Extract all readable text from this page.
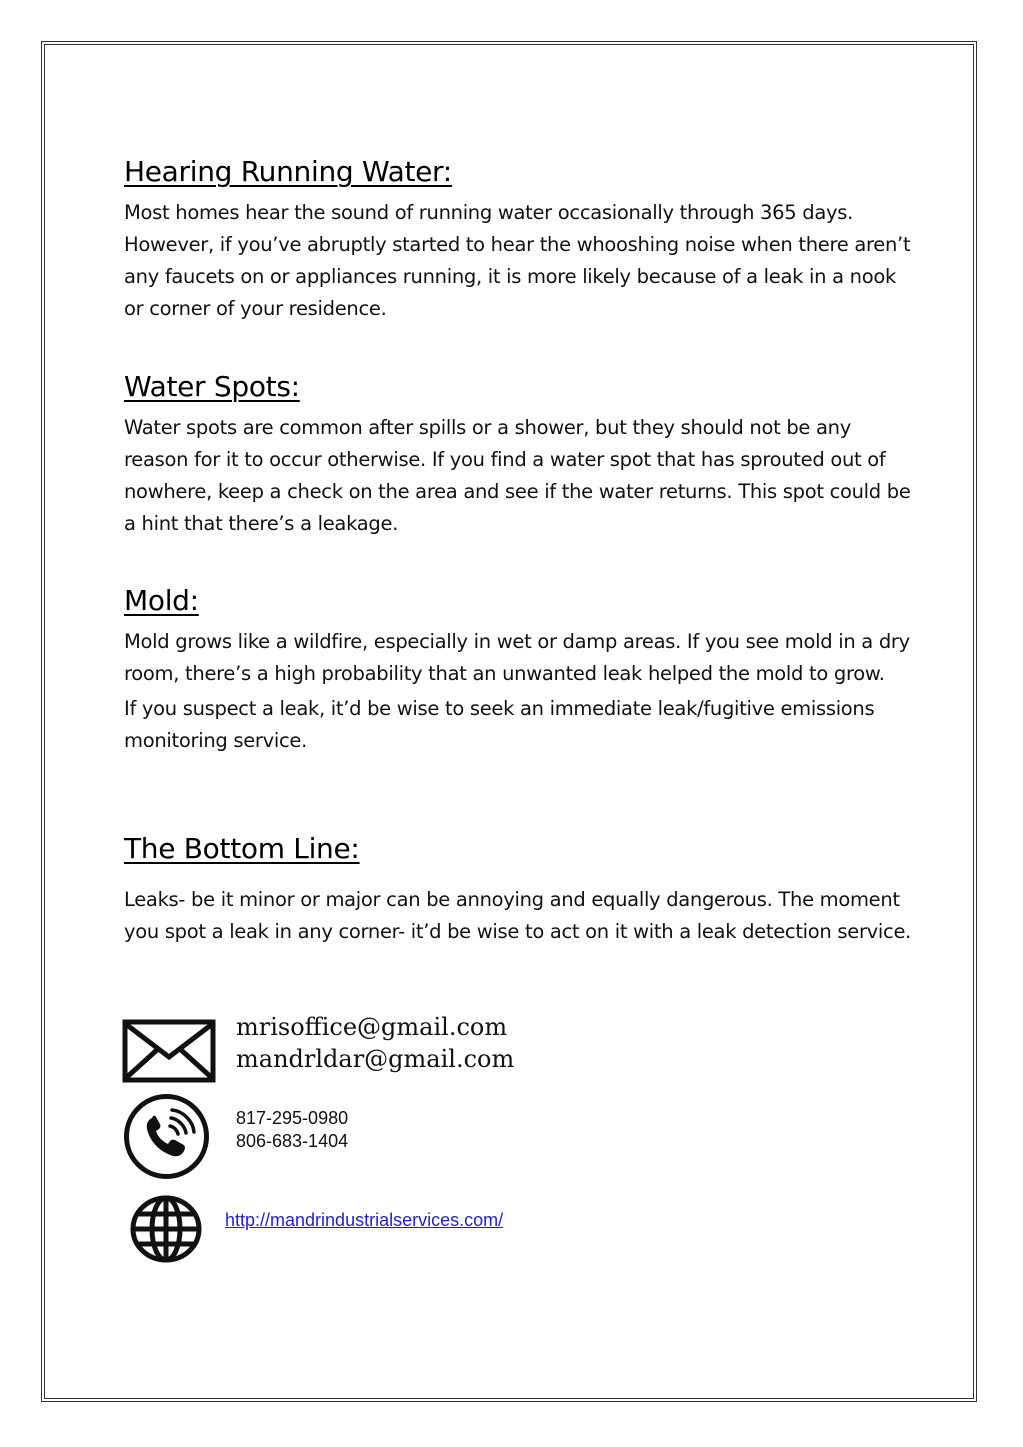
Hearing Running Water:

Most homes hear the sound of running water occasionally through 365 days. However, if you’ve abruptly started to hear the whooshing noise when there aren’t any faucets on or appliances running, it is more likely because of a leak in a nook or corner of your residence.

Water Spots:

Water spots are common after spills or a shower, but they should not be any reason for it to occur otherwise. If you find a water spot that has sprouted out of nowhere, keep a check on the area and see if the water returns. This spot could be a hint that there’s a leakage.

Mold:

Mold grows like a wildfire, especially in wet or damp areas. If you see mold in a dry room, there’s a high probability that an unwanted leak helped the mold to grow.

If you suspect a leak, it’d be wise to seek an immediate leak/fugitive emissions monitoring service.

The Bottom Line:

Leaks- be it minor or major can be annoying and equally dangerous. The moment you spot a leak in any corner- it’d be wise to act on it with a leak detection service.

mrisoffice@gmail.com
mandrldar@gmail.com
817-295-0980
806-683-1404
http://mandrindustrialservices.com/
